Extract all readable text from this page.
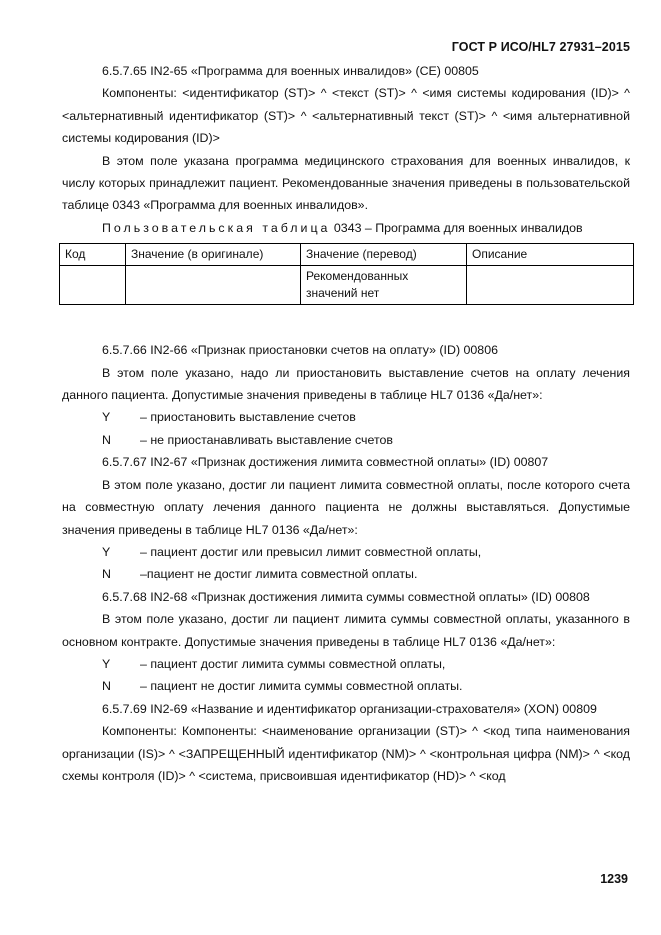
ГОСТ Р ИСО/HL7 27931–2015

6.5.7.65 IN2-65 «Программа для военных инвалидов» (CE) 00805

Компоненты: <идентификатор (ST)> ^ <текст (ST)> ^ <имя системы кодирования (ID)> ^ <альтернативный идентификатор (ST)> ^ <альтернативный текст (ST)> ^ <имя альтернативной системы кодирования (ID)>

В этом поле указана программа медицинского страхования для военных инвалидов, к числу которых принадлежит пациент. Рекомендованные значения приведены в пользовательской таблице 0343 «Программа для военных инвалидов».

Пользовательская таблица 0343 – Программа для военных инвалидов

Код	Значение (в оригинале)	Значение (перевод)	Описание
		Рекомендованных значений нет	

6.5.7.66 IN2-66 «Признак приостановки счетов на оплату» (ID) 00806

В этом поле указано, надо ли приостановить выставление счетов на оплату лечения данного пациента. Допустимые значения приведены в таблице HL7 0136 «Да/нет»:

Y – приостановить выставление счетов

N – не приостанавливать выставление счетов

6.5.7.67 IN2-67 «Признак достижения лимита совместной оплаты» (ID) 00807

В этом поле указано, достиг ли пациент лимита совместной оплаты, после которого счета на совместную оплату лечения данного пациента не должны выставляться. Допустимые значения приведены в таблице HL7 0136 «Да/нет»:

Y – пациент достиг или превысил лимит совместной оплаты,

N –пациент не достиг лимита совместной оплаты.

6.5.7.68 IN2-68 «Признак достижения лимита суммы совместной оплаты» (ID) 00808

В этом поле указано, достиг ли пациент лимита суммы совместной оплаты, указанного в основном контракте. Допустимые значения приведены в таблице HL7 0136 «Да/нет»:

Y – пациент достиг лимита суммы совместной оплаты,

N – пациент не достиг лимита суммы совместной оплаты.

6.5.7.69 IN2-69 «Название и идентификатор организации-страхователя» (XON) 00809

Компоненты: Компоненты: <наименование организации (ST)> ^ <код типа наименования организации (IS)> ^ <ЗАПРЕЩЕННЫЙ идентификатор (NM)> ^ <контрольная цифра (NM)> ^ <код схемы контроля (ID)> ^ <система, присвоившая идентификатор (HD)> ^ <код

1239
